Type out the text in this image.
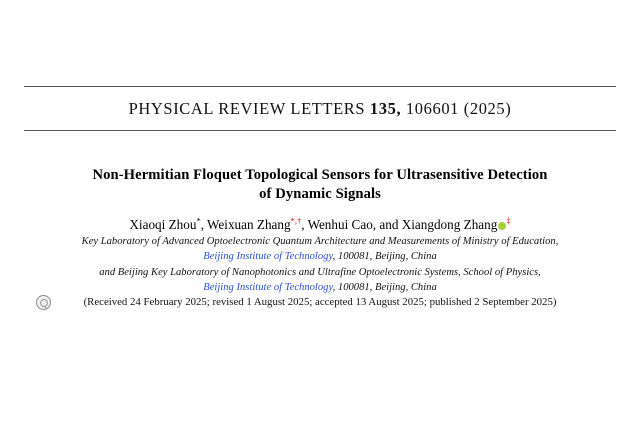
PHYSICAL REVIEW LETTERS 135, 106601 (2025)
Non-Hermitian Floquet Topological Sensors for Ultrasensitive Detection
of Dynamic Signals
Xiaoqi Zhou*, Weixuan Zhang*,†, Wenhui Cao, and Xiangdong Zhang ‡
Key Laboratory of Advanced Optoelectronic Quantum Architecture and Measurements of Ministry of Education,
Beijing Institute of Technology, 100081, Beijing, China
and Beijing Key Laboratory of Nanophotonics and Ultrafine Optoelectronic Systems, School of Physics,
Beijing Institute of Technology, 100081, Beijing, China
(Received 24 February 2025; revised 1 August 2025; accepted 13 August 2025; published 2 September 2025)
